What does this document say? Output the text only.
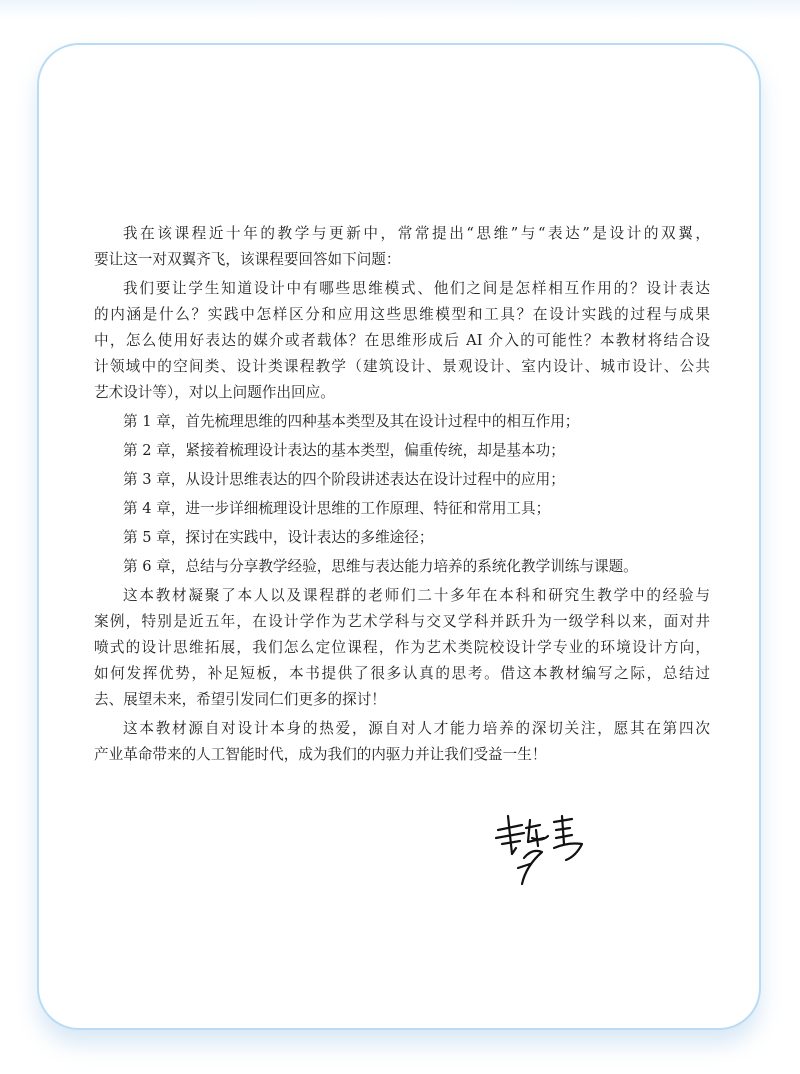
我在该课程近十年的教学与更新中，常常提出“思维”与“表达”是设计的双翼，
要让这一对双翼齐飞，该课程要回答如下问题：
我们要让学生知道设计中有哪些思维模式、他们之间是怎样相互作用的？设计表达
的内涵是什么？实践中怎样区分和应用这些思维模型和工具？在设计实践的过程与成果
中，怎么使用好表达的媒介或者载体？在思维形成后 AI 介入的可能性？本教材将结合设
计领域中的空间类、设计类课程教学（建筑设计、景观设计、室内设计、城市设计、公共
艺术设计等），对以上问题作出回应。
第 1 章，首先梳理思维的四种基本类型及其在设计过程中的相互作用；
第 2 章，紧接着梳理设计表达的基本类型，偏重传统，却是基本功；
第 3 章，从设计思维表达的四个阶段讲述表达在设计过程中的应用；
第 4 章，进一步详细梳理设计思维的工作原理、特征和常用工具；
第 5 章，探讨在实践中，设计表达的多维途径；
第 6 章，总结与分享教学经验，思维与表达能力培养的系统化教学训练与课题。
这本教材凝聚了本人以及课程群的老师们二十多年在本科和研究生教学中的经验与
案例，特别是近五年，在设计学作为艺术学科与交叉学科并跃升为一级学科以来，面对井
喷式的设计思维拓展，我们怎么定位课程，作为艺术类院校设计学专业的环境设计方向，
如何发挥优势，补足短板，本书提供了很多认真的思考。借这本教材编写之际，总结过
去、展望未来，希望引发同仁们更多的探讨！
这本教材源自对设计本身的热爱，源自对人才能力培养的深切关注，愿其在第四次
产业革命带来的人工智能时代，成为我们的内驱力并让我们受益一生！
